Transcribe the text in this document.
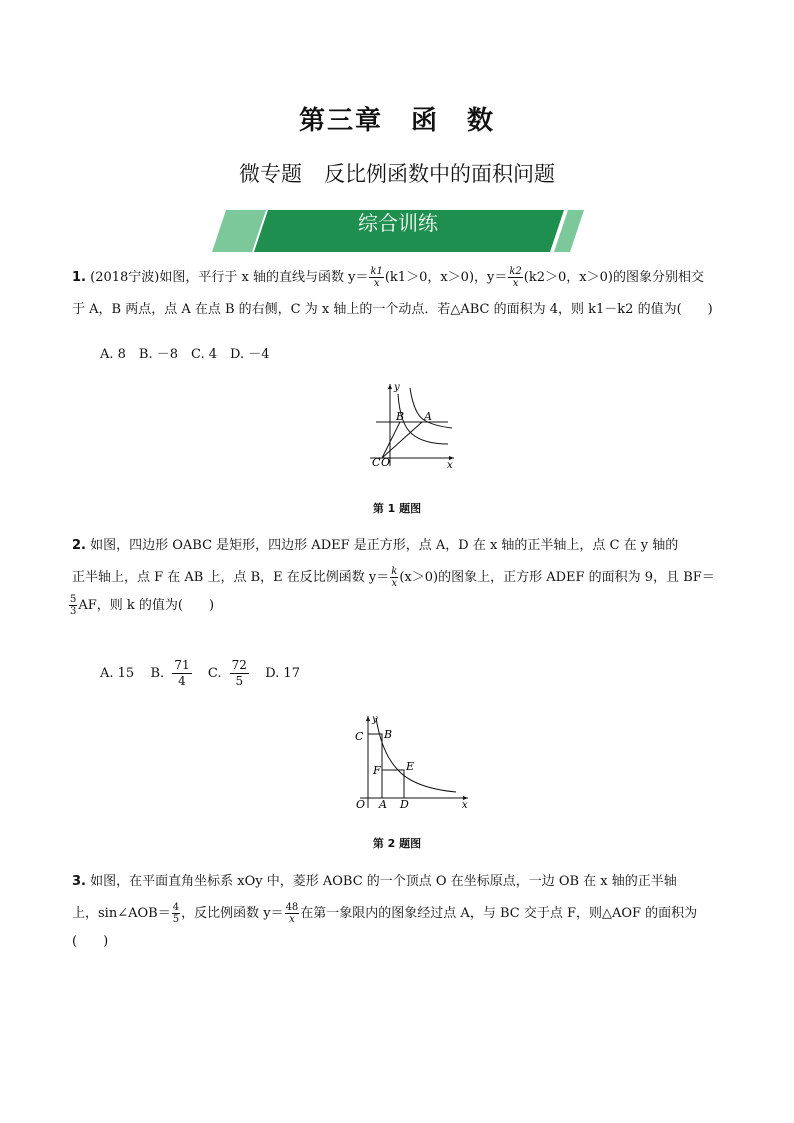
第三章 函　数
微专题 反比例函数中的面积问题
综合训练
1. (2018宁波)如图，平行于 x 轴的直线与函数 $y= \frac{k1}{x} (k1>0$，x＞0)，$y= \frac{k2}{x} (k2>0$，x＞0)的图象分别相交
于 A，B 两点，点 A 在点 B 的右侧，C 为 x 轴上的一个动点．若△ABC 的面积为 4，则 k1－k2 的值为(　　)
A. 8　B. －8　C. 4　D. －4
y
x
B A
C O
第 1 题图
2. 如图，四边形 OABC 是矩形，四边形 ADEF 是正方形，点 A，D 在 x 轴的正半轴上，点 C 在 y 轴的
正半轴上，点 F 在 AB 上，点 B，E 在反比例函数 $y= \frac{k}{x} (x>0)$的图象上，正方形 ADEF 的面积为 9，且 BF＝
$\frac{5}{3}$ AF，则 k 的值为(　　)
A. 15 B. $\frac{71}{4} C$. $\frac{72}{5} D$. 17
y
x
C B
F E
O A D
第 2 题图
3. 如图，在平面直角坐标系 xOy 中，菱形 AOBC 的一个顶点 O 在坐标原点，一边 OB 在 x 轴的正半轴
上，sin∠AOB＝ $\frac{4}{5}$ ，反比例函数 $y= \frac{48}{x}$ 在第一象限内的图象经过点 A，与 BC 交于点 F，则△AOF 的面积为(　　)
